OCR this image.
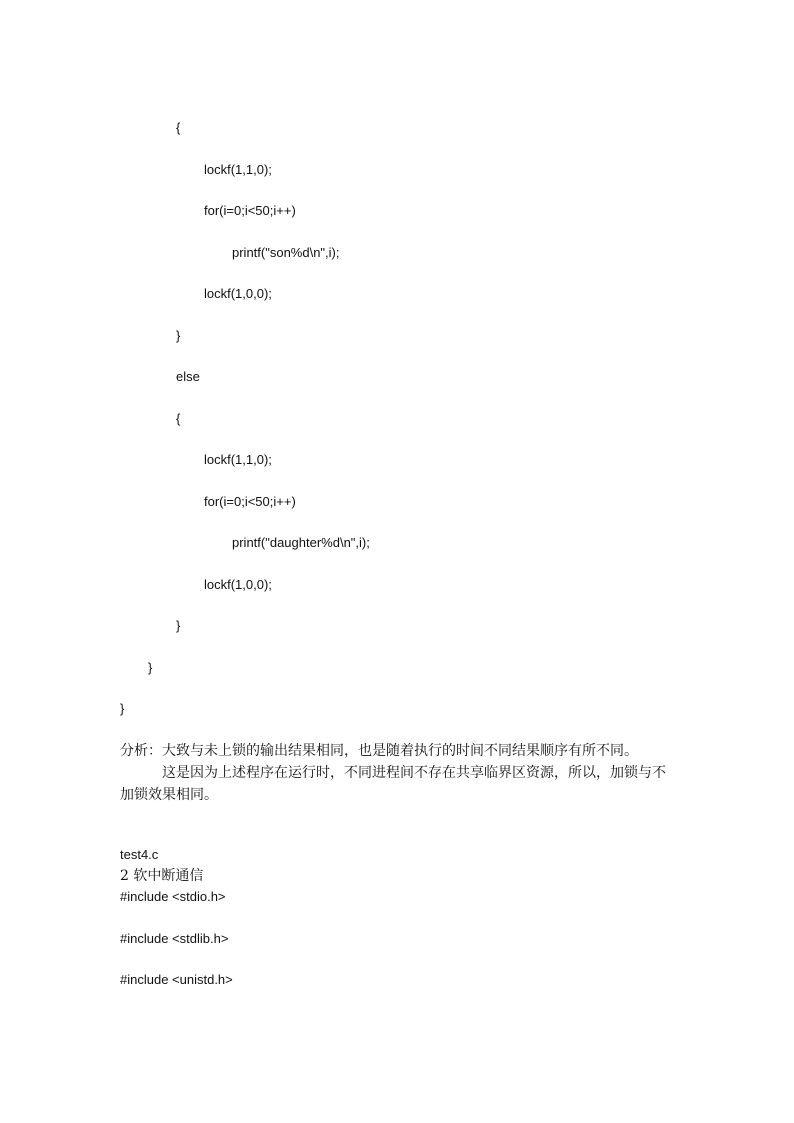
{

lockf(1,1,0);

for(i=0;i<50;i++)

printf("son%d\n",i);

lockf(1,0,0);

}

else

{

lockf(1,1,0);

for(i=0;i<50;i++)

printf("daughter%d\n",i);

lockf(1,0,0);

}

}

}

分析：大致与未上锁的输出结果相同，也是随着执行的时间不同结果顺序有所不同。

这是因为上述程序在运行时，不同进程间不存在共享临界区资源，所以，加锁与不

加锁效果相同。

test4.c

2 软中断通信

#include <stdio.h>

#include <stdlib.h>

#include <unistd.h>
